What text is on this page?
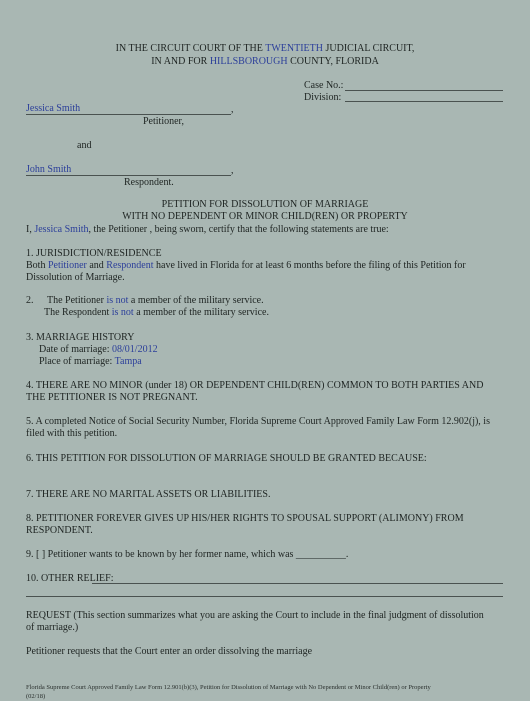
IN THE CIRCUIT COURT OF THE TWENTIETH JUDICIAL CIRCUIT,
IN AND FOR HILLSBOROUGH COUNTY, FLORIDA
Case No.:
Division:
Jessica Smith	,
Petitioner,
and
John Smith	,
Respondent.
PETITION FOR DISSOLUTION OF MARRIAGE
WITH NO DEPENDENT OR MINOR CHILD(REN) OR PROPERTY
I, Jessica Smith, the Petitioner , being sworn, certify that the following statements are true:
1. JURISDICTION/RESIDENCE
Both Petitioner and Respondent have lived in Florida for at least 6 months before the filing of this Petition for
Dissolution of Marriage.
2. The Petitioner is not a member of the military service.
The Respondent is not a member of the military service.
3. MARRIAGE HISTORY
Date of marriage: 08/01/2012
Place of marriage: Tampa
4. THERE ARE NO MINOR (under 18) OR DEPENDENT CHILD(REN) COMMON TO BOTH PARTIES AND
THE PETITIONER IS NOT PREGNANT.
5. A completed Notice of Social Security Number, Florida Supreme Court Approved Family Law Form 12.902(j), is
filed with this petition.
6. THIS PETITION FOR DISSOLUTION OF MARRIAGE SHOULD BE GRANTED BECAUSE:
7. THERE ARE NO MARITAL ASSETS OR LIABILITIES.
8. PETITIONER FOREVER GIVES UP HIS/HER RIGHTS TO SPOUSAL SUPPORT (ALIMONY) FROM
RESPONDENT.
9. [ ] Petitioner wants to be known by her former name, which was __________.
10. OTHER RELIEF:
REQUEST (This section summarizes what you are asking the Court to include in the final judgment of dissolution
of marriage.)
Petitioner requests that the Court enter an order dissolving the marriage
Florida Supreme Court Approved Family Law Form 12.901(b)(3), Petition for Dissolution of Marriage with No Dependent or Minor Child(ren) or Property
(02/18)
